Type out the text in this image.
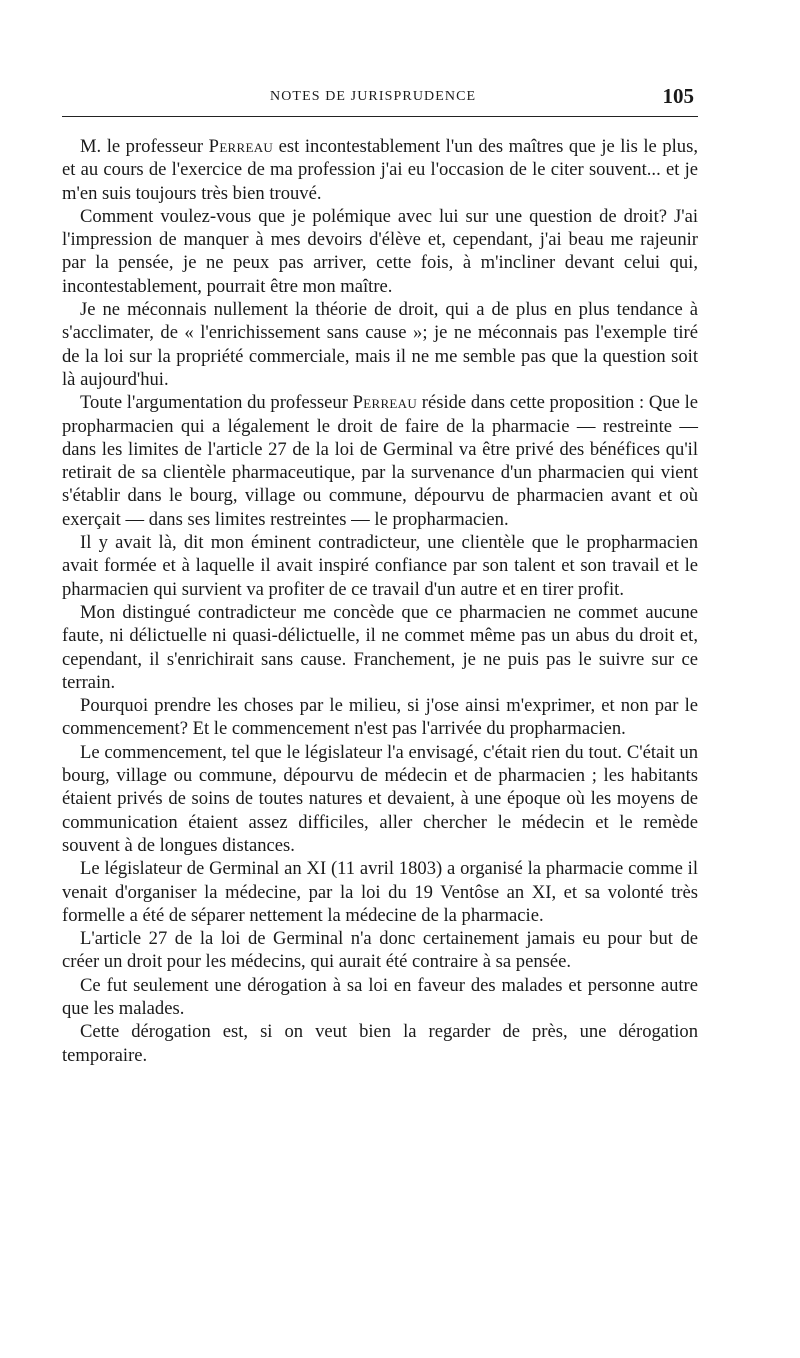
NOTES DE JURISPRUDENCE	105

M. le professeur Perreau est incontestablement l'un des maîtres que je lis le plus, et au cours de l'exercice de ma profession j'ai eu l'occasion de le citer souvent... et je m'en suis toujours très bien trouvé.

Comment voulez-vous que je polémique avec lui sur une question de droit? J'ai l'impression de manquer à mes devoirs d'élève et, cependant, j'ai beau me rajeunir par la pensée, je ne peux pas arriver, cette fois, à m'incliner devant celui qui, incontestablement, pourrait être mon maître.

Je ne méconnais nullement la théorie de droit, qui a de plus en plus tendance à s'acclimater, de « l'enrichissement sans cause »; je ne méconnais pas l'exemple tiré de la loi sur la propriété commerciale, mais il ne me semble pas que la question soit là aujourd'hui.

Toute l'argumentation du professeur Perreau réside dans cette proposition : Que le propharmacien qui a légalement le droit de faire de la pharmacie — restreinte — dans les limites de l'article 27 de la loi de Germinal va être privé des bénéfices qu'il retirait de sa clientèle pharmaceutique, par la survenance d'un pharmacien qui vient s'établir dans le bourg, village ou commune, dépourvu de pharmacien avant et où exerçait — dans ses limites restreintes — le propharmacien.

Il y avait là, dit mon éminent contradicteur, une clientèle que le propharmacien avait formée et à laquelle il avait inspiré confiance par son talent et son travail et le pharmacien qui survient va profiter de ce travail d'un autre et en tirer profit.

Mon distingué contradicteur me concède que ce pharmacien ne commet aucune faute, ni délictuelle ni quasi-délictuelle, il ne commet même pas un abus du droit et, cependant, il s'enrichirait sans cause. Franchement, je ne puis pas le suivre sur ce terrain.

Pourquoi prendre les choses par le milieu, si j'ose ainsi m'exprimer, et non par le commencement? Et le commencement n'est pas l'arrivée du propharmacien.

Le commencement, tel que le législateur l'a envisagé, c'était rien du tout. C'était un bourg, village ou commune, dépourvu de médecin et de pharmacien ; les habitants étaient privés de soins de toutes natures et devaient, à une époque où les moyens de communication étaient assez difficiles, aller chercher le médecin et le remède souvent à de longues distances.

Le législateur de Germinal an XI (11 avril 1803) a organisé la pharmacie comme il venait d'organiser la médecine, par la loi du 19 Ventôse an XI, et sa volonté très formelle a été de séparer nettement la médecine de la pharmacie.

L'article 27 de la loi de Germinal n'a donc certainement jamais eu pour but de créer un droit pour les médecins, qui aurait été contraire à sa pensée.

Ce fut seulement une dérogation à sa loi en faveur des malades et personne autre que les malades.

Cette dérogation est, si on veut bien la regarder de près, une dérogation temporaire.
